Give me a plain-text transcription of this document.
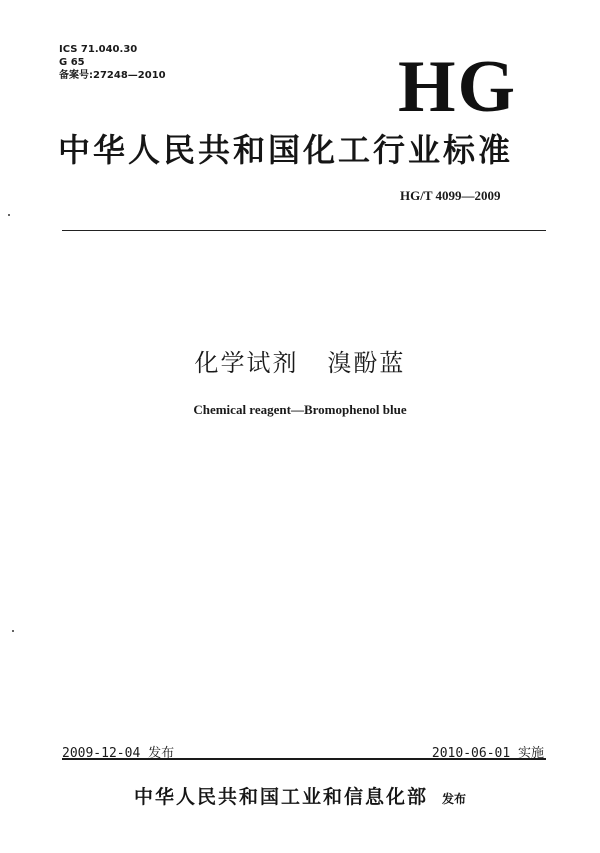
ICS 71.040.30
G 65
备案号:27248—2010	HG
中华人民共和国化工行业标准
HG/T 4099—2009
化学试剂   溴酚蓝
Chemical reagent—Bromophenol blue
2009-12-04 发布	2010-06-01 实施
中华人民共和国工业和信息化部 发布
